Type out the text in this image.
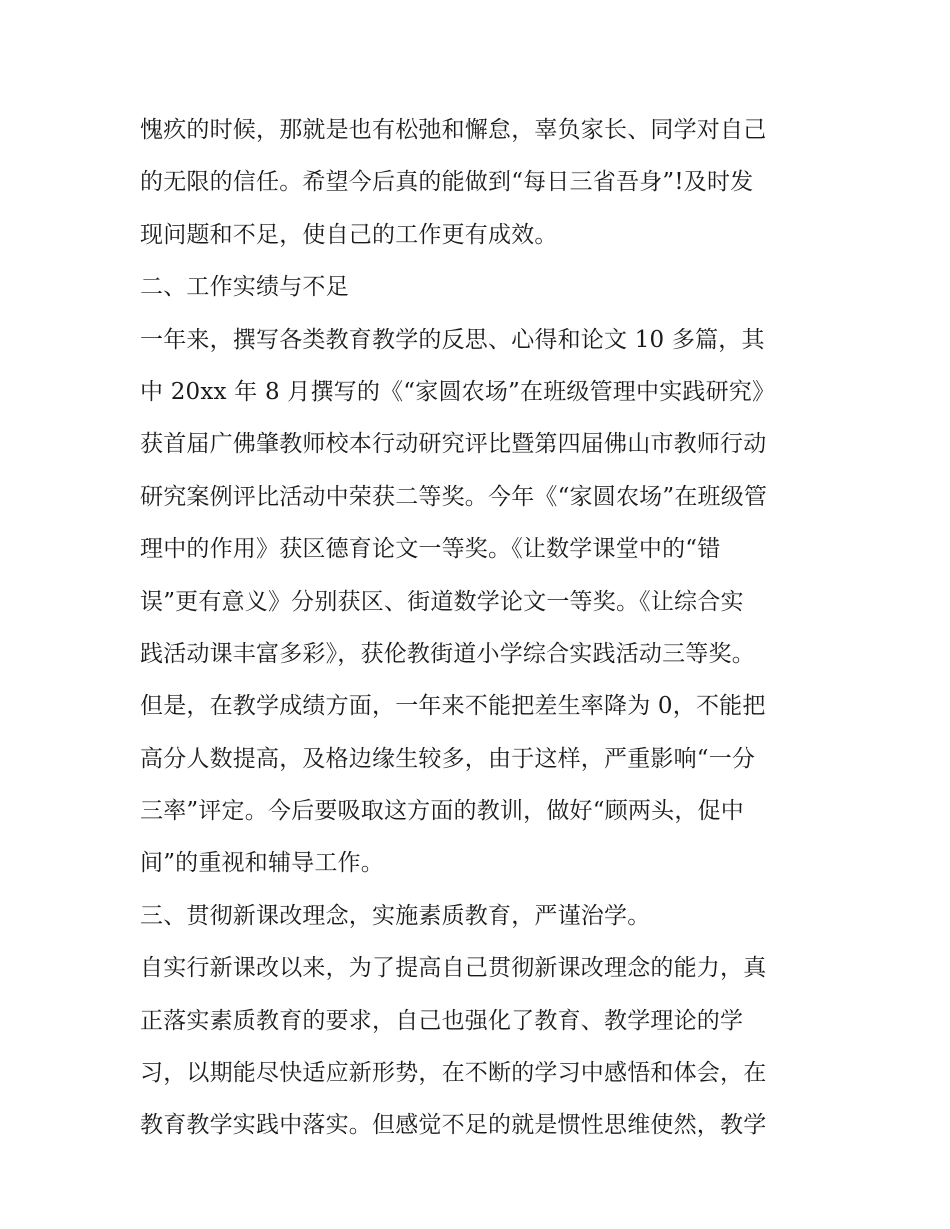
愧疚的时候，那就是也有松弛和懈怠，辜负家长、同学对自己
的无限的信任。希望今后真的能做到“每日三省吾身”!及时发
现问题和不足，使自己的工作更有成效。
二、工作实绩与不足
一年来，撰写各类教育教学的反思、心得和论文 10 多篇，其
中 20xx 年 8 月撰写的《“家圆农场”在班级管理中实践研究》
获首届广佛肇教师校本行动研究评比暨第四届佛山市教师行动
研究案例评比活动中荣获二等奖。今年《“家圆农场”在班级管
理中的作用》获区德育论文一等奖。《让数学课堂中的“错
误”更有意义》分别获区、街道数学论文一等奖。《让综合实
践活动课丰富多彩》，获伦教街道小学综合实践活动三等奖。
但是，在教学成绩方面，一年来不能把差生率降为 0，不能把
高分人数提高，及格边缘生较多，由于这样，严重影响“一分
三率”评定。今后要吸取这方面的教训，做好“顾两头，促中
间”的重视和辅导工作。
三、贯彻新课改理念，实施素质教育，严谨治学。
自实行新课改以来，为了提高自己贯彻新课改理念的能力，真
正落实素质教育的要求，自己也强化了教育、教学理论的学
习，以期能尽快适应新形势，在不断的学习中感悟和体会，在
教育教学实践中落实。但感觉不足的就是惯性思维使然，教学
